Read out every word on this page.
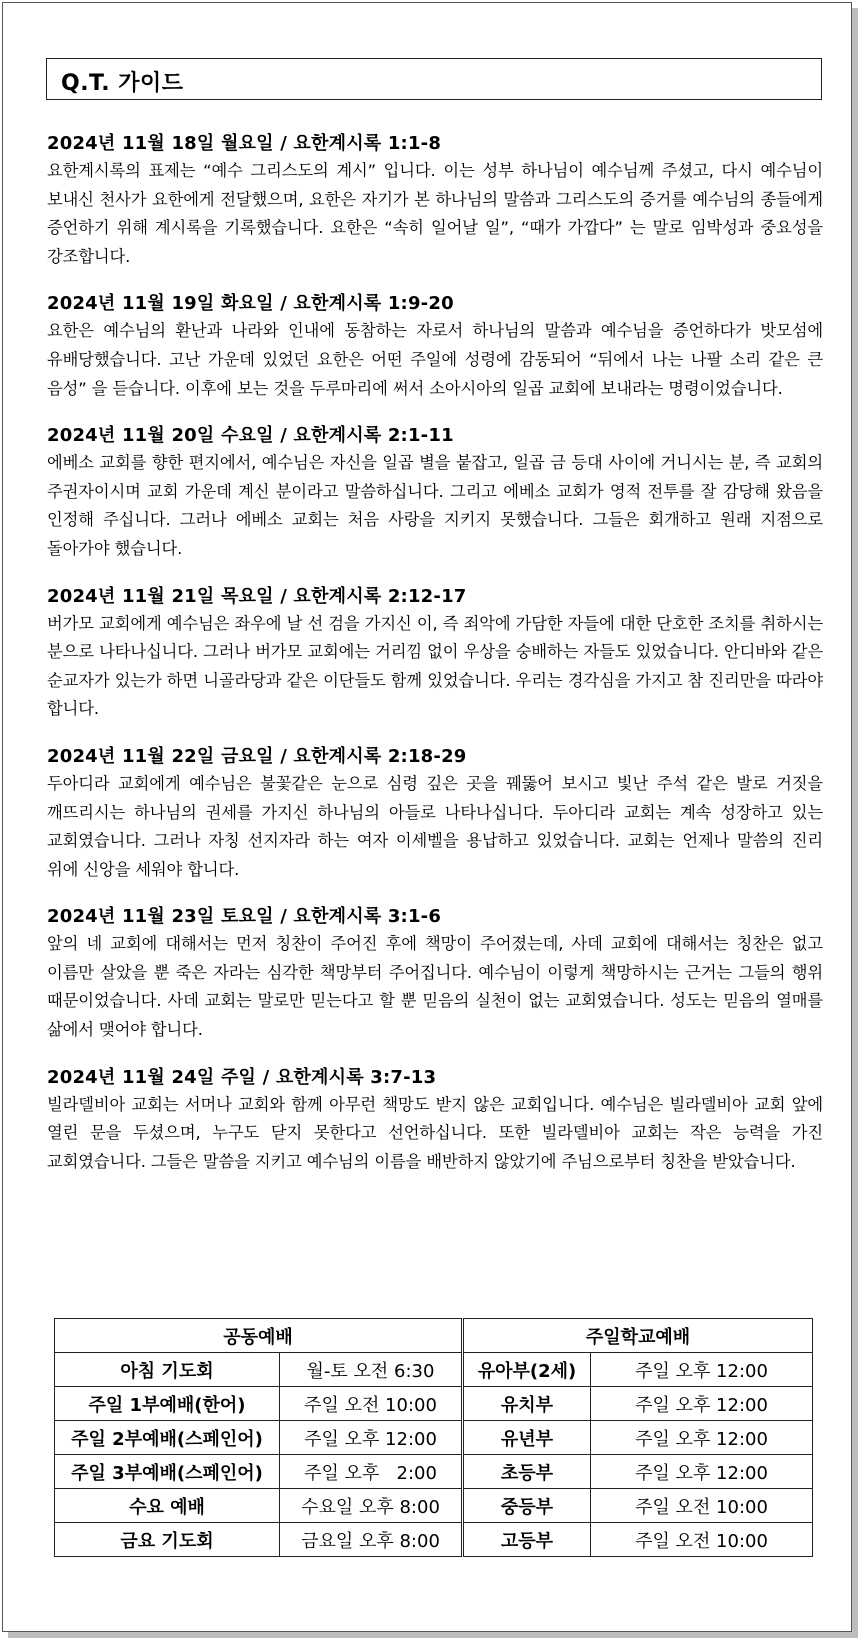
Q.T. 가이드
2024년 11월 18일 월요일 / 요한계시록 1:1-8
요한계시록의 표제는 “예수 그리스도의 계시” 입니다. 이는 성부 하나님이 예수님께 주셨고, 다시 예수님이 보내신 천사가 요한에게 전달했으며, 요한은 자기가 본 하나님의 말씀과 그리스도의 증거를 예수님의 종들에게 증언하기 위해 계시록을 기록했습니다. 요한은 “속히 일어날 일”, “때가 가깝다” 는 말로 임박성과 중요성을 강조합니다.
2024년 11월 19일 화요일 / 요한계시록 1:9-20
요한은 예수님의 환난과 나라와 인내에 동참하는 자로서 하나님의 말씀과 예수님을 증언하다가 밧모섬에 유배당했습니다. 고난 가운데 있었던 요한은 어떤 주일에 성령에 감동되어 “뒤에서 나는 나팔 소리 같은 큰 음성” 을 듣습니다. 이후에 보는 것을 두루마리에 써서 소아시아의 일곱 교회에 보내라는 명령이었습니다.
2024년 11월 20일 수요일 / 요한계시록 2:1-11
에베소 교회를 향한 편지에서, 예수님은 자신을 일곱 별을 붙잡고, 일곱 금 등대 사이에 거니시는 분, 즉 교회의 주권자이시며 교회 가운데 계신 분이라고 말씀하십니다. 그리고 에베소 교회가 영적 전투를 잘 감당해 왔음을 인정해 주십니다. 그러나 에베소 교회는 처음 사랑을 지키지 못했습니다. 그들은 회개하고 원래 지점으로 돌아가야 했습니다.
2024년 11월 21일 목요일 / 요한계시록 2:12-17
버가모 교회에게 예수님은 좌우에 날 선 검을 가지신 이, 즉 죄악에 가담한 자들에 대한 단호한 조치를 취하시는 분으로 나타나십니다. 그러나 버가모 교회에는 거리낌 없이 우상을 숭배하는 자들도 있었습니다. 안디바와 같은 순교자가 있는가 하면 니골라당과 같은 이단들도 함께 있었습니다. 우리는 경각심을 가지고 참 진리만을 따라야 합니다.
2024년 11월 22일 금요일 / 요한계시록 2:18-29
두아디라 교회에게 예수님은 불꽃같은 눈으로 심령 깊은 곳을 꿰뚫어 보시고 빛난 주석 같은 발로 거짓을 깨뜨리시는 하나님의 권세를 가지신 하나님의 아들로 나타나십니다. 두아디라 교회는 계속 성장하고 있는 교회였습니다. 그러나 자칭 선지자라 하는 여자 이세벨을 용납하고 있었습니다. 교회는 언제나 말씀의 진리 위에 신앙을 세워야 합니다.
2024년 11월 23일 토요일 / 요한계시록 3:1-6
앞의 네 교회에 대해서는 먼저 칭찬이 주어진 후에 책망이 주어졌는데, 사데 교회에 대해서는 칭찬은 없고 이름만 살았을 뿐 죽은 자라는 심각한 책망부터 주어집니다. 예수님이 이렇게 책망하시는 근거는 그들의 행위 때문이었습니다. 사데 교회는 말로만 믿는다고 할 뿐 믿음의 실천이 없는 교회였습니다. 성도는 믿음의 열매를 삶에서 맺어야 합니다.
2024년 11월 24일 주일 / 요한계시록 3:7-13
빌라델비아 교회는 서머나 교회와 함께 아무런 책망도 받지 않은 교회입니다. 예수님은 빌라델비아 교회 앞에 열린 문을 두셨으며, 누구도 닫지 못한다고 선언하십니다. 또한 빌라델비아 교회는 작은 능력을 가진 교회였습니다. 그들은 말씀을 지키고 예수님의 이름을 배반하지 않았기에 주님으로부터 칭찬을 받았습니다.
공동예배		주일학교예배	
아침 기도회	월-토 오전 6:30	유아부(2세)	주일 오후 12:00
주일 1부예배(한어)	주일 오전 10:00	유치부	주일 오후 12:00
주일 2부예배(스페인어)	주일 오후 12:00	유년부	주일 오후 12:00
주일 3부예배(스페인어)	주일 오후   2:00	초등부	주일 오후 12:00
수요 예배	수요일 오후 8:00	중등부	주일 오전 10:00
금요 기도회	금요일 오후 8:00	고등부	주일 오전 10:00
